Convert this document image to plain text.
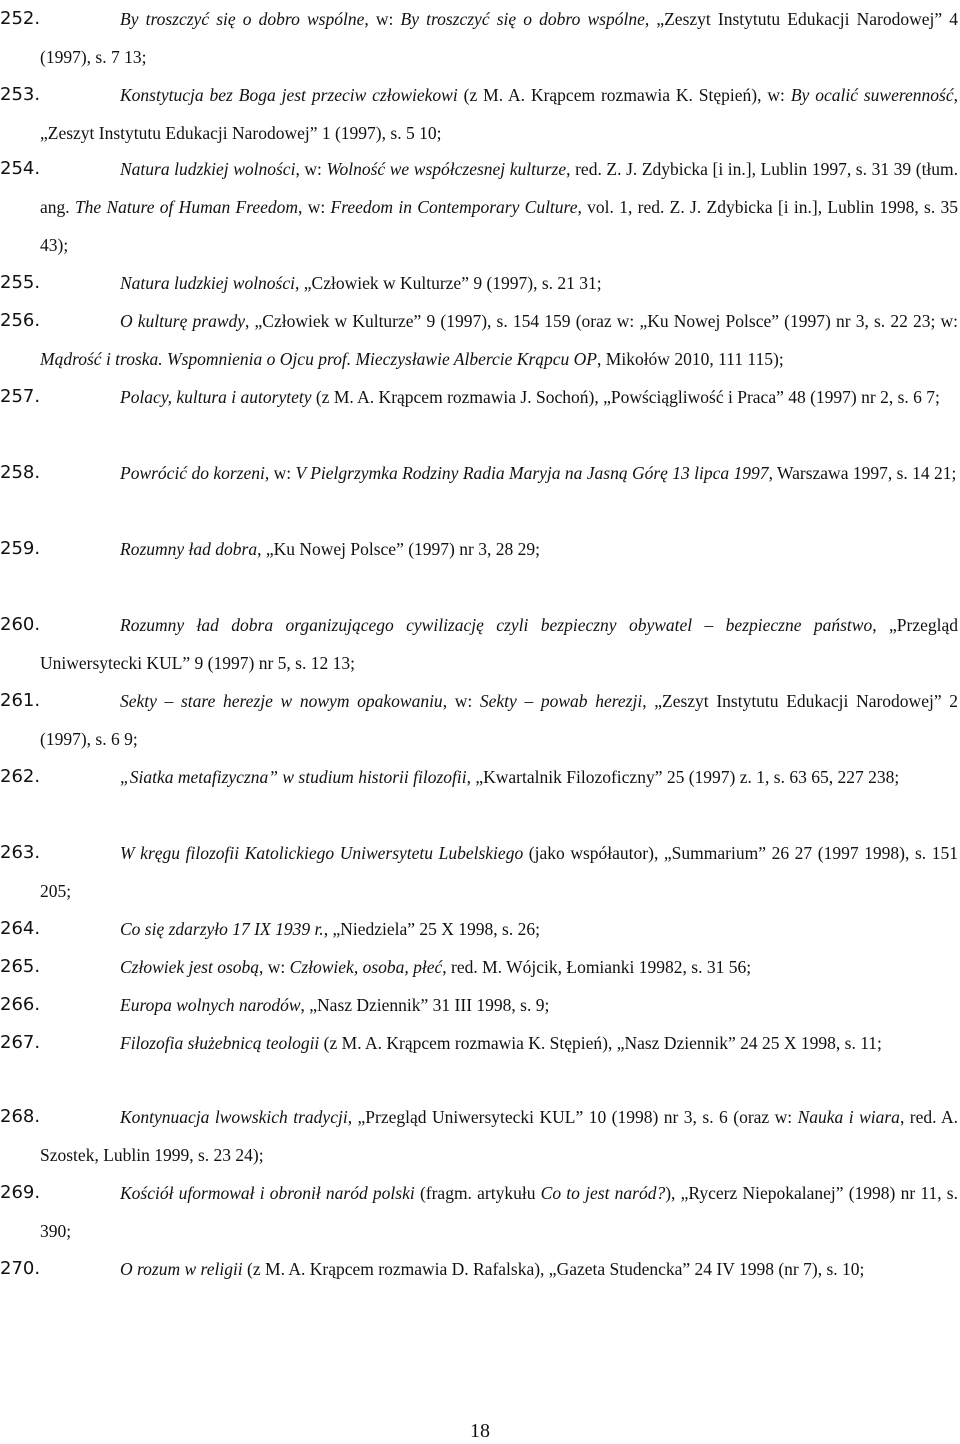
252.	By troszczyć się o dobro wspólne, w: By troszczyć się o dobro wspólne, „Zeszyt Instytutu Edukacji Narodowej” 4 (1997), s. 7 13;
253.	Konstytucja bez Boga jest przeciw człowiekowi (z M. A. Krąpcem rozmawia K. Stępień), w: By ocalić suwerenność, „Zeszyt Instytutu Edukacji Narodowej” 1 (1997), s. 5 10;
254.	Natura ludzkiej wolności, w: Wolność we współczesnej kulturze, red. Z. J. Zdybicka [i in.], Lublin 1997, s. 31 39 (tłum. ang. The Nature of Human Freedom, w: Freedom in Contemporary Culture, vol. 1, red. Z. J. Zdybicka [i in.], Lublin 1998, s. 35 43);
255.	Natura ludzkiej wolności, „Człowiek w Kulturze” 9 (1997), s. 21 31;
256.	O kulturę prawdy, „Człowiek w Kulturze” 9 (1997), s. 154 159 (oraz w: „Ku Nowej Polsce” (1997) nr 3, s. 22 23; w: Mądrość i troska. Wspomnienia o Ojcu prof. Mieczysławie Albercie Krąpcu OP, Mikołów 2010, 111 115);
257.	Polacy, kultura i autorytety (z M. A. Krąpcem rozmawia J. Sochoń), „Powściągliwość i Praca” 48 (1997) nr 2, s. 6 7;
258.	Powrócić do korzeni, w: V Pielgrzymka Rodziny Radia Maryja na Jasną Górę 13 lipca 1997, Warszawa 1997, s. 14 21;
259.	Rozumny ład dobra, „Ku Nowej Polsce” (1997) nr 3, 28 29;
260.	Rozumny ład dobra organizującego cywilizację czyli bezpieczny obywatel – bezpieczne państwo, „Przegląd Uniwersytecki KUL” 9 (1997) nr 5, s. 12 13;
261.	Sekty – stare herezje w nowym opakowaniu, w: Sekty – powab herezji, „Zeszyt Instytutu Edukacji Narodowej” 2 (1997), s. 6 9;
262.	„Siatka metafizyczna” w studium historii filozofii, „Kwartalnik Filozoficzny” 25 (1997) z. 1, s. 63 65, 227 238;
263.	W kręgu filozofii Katolickiego Uniwersytetu Lubelskiego (jako współautor), „Summarium” 26 27 (1997 1998), s. 151 205;
264.	Co się zdarzyło 17 IX 1939 r., „Niedziela” 25 X 1998, s. 26;
265.	Człowiek jest osobą, w: Człowiek, osoba, płeć, red. M. Wójcik, Łomianki 19982, s. 31 56;
266.	Europa wolnych narodów, „Nasz Dziennik” 31 III 1998, s. 9;
267.	Filozofia służebnicą teologii (z M. A. Krąpcem rozmawia K. Stępień), „Nasz Dziennik” 24 25 X 1998, s. 11;
268.	Kontynuacja lwowskich tradycji, „Przegląd Uniwersytecki KUL” 10 (1998) nr 3, s. 6 (oraz w: Nauka i wiara, red. A. Szostek, Lublin 1999, s. 23 24);
269.	Kościół uformował i obronił naród polski (fragm. artykułu Co to jest naród?), „Rycerz Niepokalanej” (1998) nr 11, s. 390;
270.	O rozum w religii (z M. A. Krąpcem rozmawia D. Rafalska), „Gazeta Studencka” 24 IV 1998 (nr 7), s. 10;
18
